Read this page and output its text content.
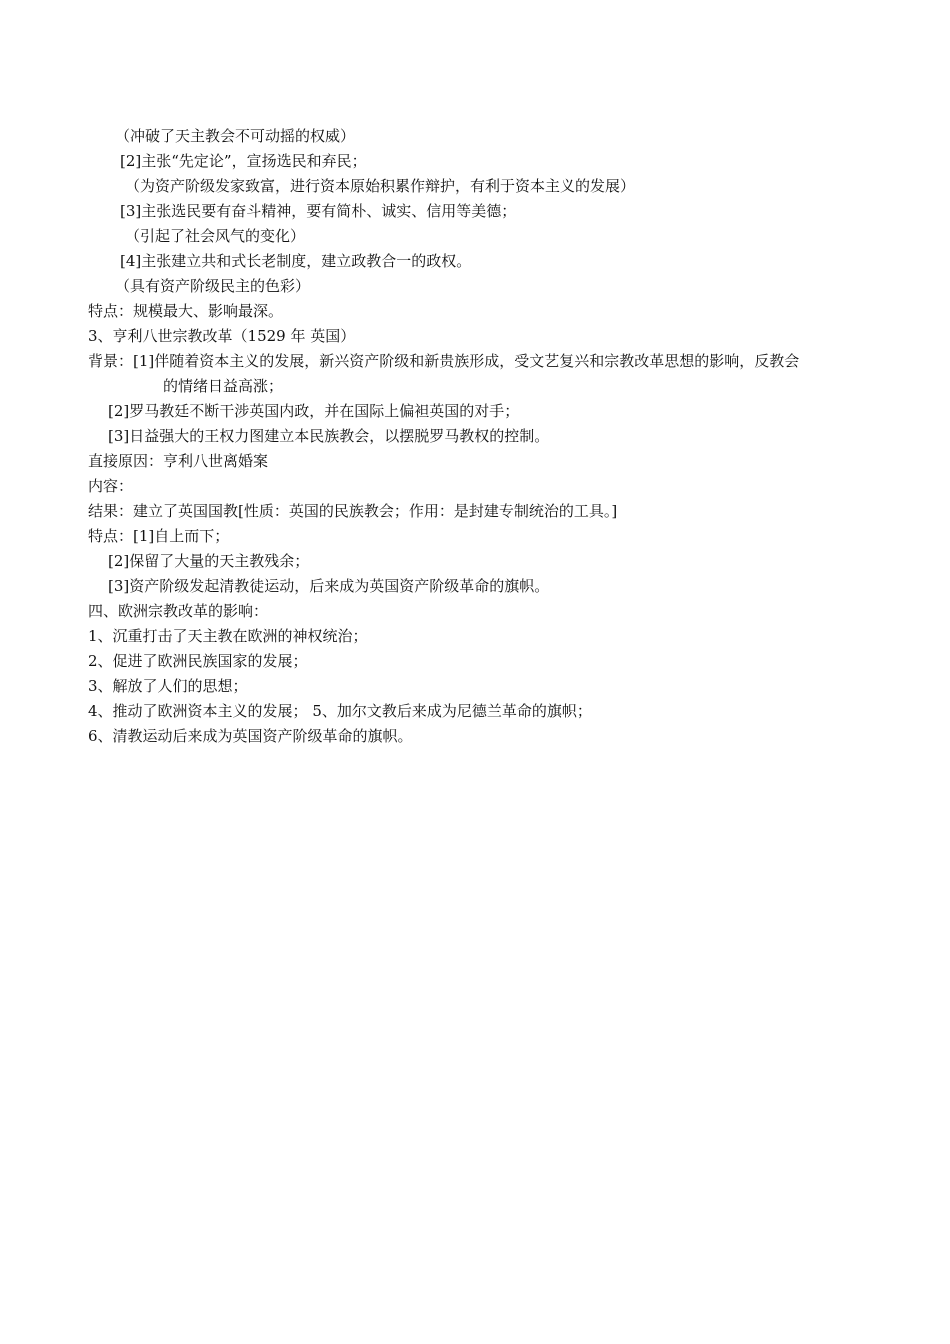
（冲破了天主教会不可动摇的权威）
[2]主张“先定论”，宣扬选民和弃民；
（为资产阶级发家致富，进行资本原始积累作辩护，有利于资本主义的发展）
[3]主张选民要有奋斗精神，要有简朴、诚实、信用等美德；
（引起了社会风气的变化）
[4]主张建立共和式长老制度，建立政教合一的政权。
（具有资产阶级民主的色彩）
特点：规模最大、影响最深。
3、亨利八世宗教改革（1529 年 英国）
背景：[1]伴随着资本主义的发展，新兴资产阶级和新贵族形成，受文艺复兴和宗教改革思想的影响，反教会
的情绪日益高涨；
[2]罗马教廷不断干涉英国内政，并在国际上偏袒英国的对手；
[3]日益强大的王权力图建立本民族教会，以摆脱罗马教权的控制。
直接原因：亨利八世离婚案
内容：
结果：建立了英国国教[性质：英国的民族教会；作用：是封建专制统治的工具。]
特点：[1]自上而下；
[2]保留了大量的天主教残余；
[3]资产阶级发起清教徒运动，后来成为英国资产阶级革命的旗帜。
四、欧洲宗教改革的影响：
1、沉重打击了天主教在欧洲的神权统治；
2、促进了欧洲民族国家的发展；
3、解放了人们的思想；
4、推动了欧洲资本主义的发展； 5、加尔文教后来成为尼德兰革命的旗帜；
6、清教运动后来成为英国资产阶级革命的旗帜。
